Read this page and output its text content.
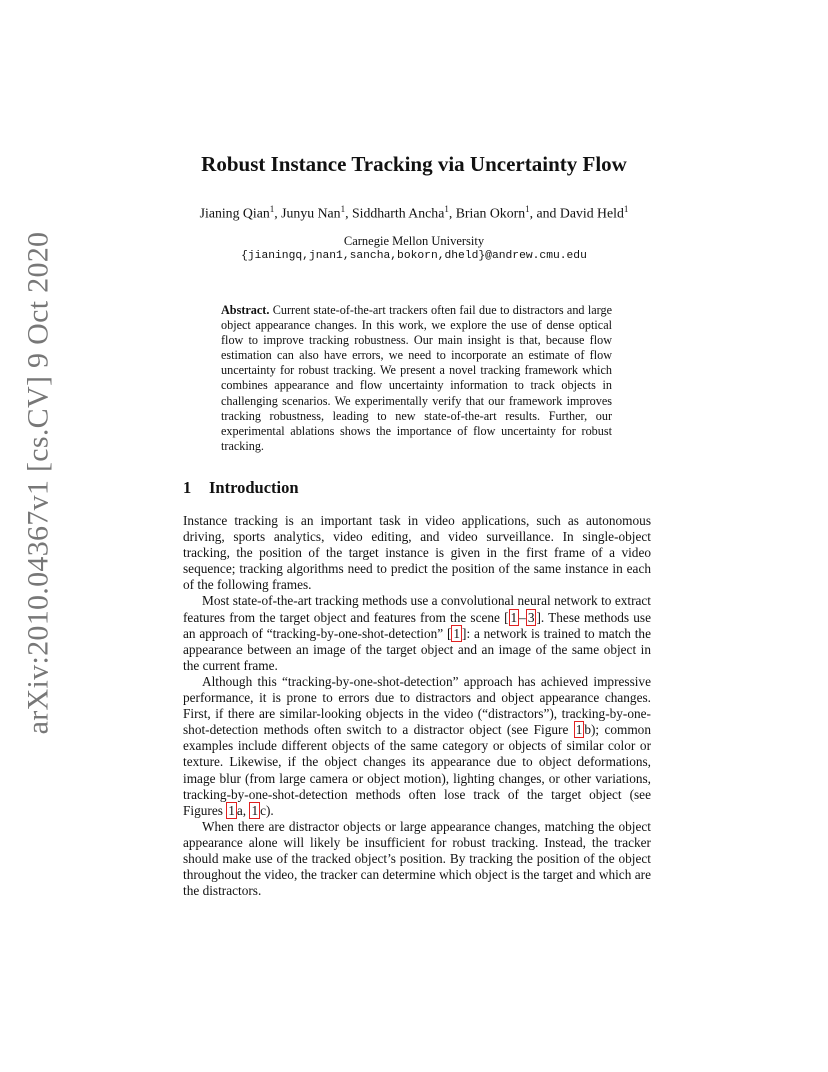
arXiv:2010.04367v1 [cs.CV] 9 Oct 2020
Robust Instance Tracking via Uncertainty Flow
Jianing Qian$^1$, Junyu Nan$^1$, Siddharth Ancha$^1$, Brian Okorn$^1$, and David Held$^1$
Carnegie Mellon University
{jianingq,jnan1,sancha,bokorn,dheld}@andrew.cmu.edu
Abstract. Current state-of-the-art trackers often fail due to distractors and large object appearance changes. In this work, we explore the use of dense optical flow to improve tracking robustness. Our main insight is that, because flow estimation can also have errors, we need to incorporate an estimate of flow uncertainty for robust tracking. We present a novel tracking framework which combines appearance and flow uncertainty information to track objects in challenging scenarios. We experimentally verify that our framework improves tracking robustness, leading to new state-of-the-art results. Further, our experimental ablations shows the importance of flow uncertainty for robust tracking.
1 Introduction

Instance tracking is an important task in video applications, such as autonomous driving, sports analytics, video editing, and video surveillance. In single-object tracking, the position of the target instance is given in the first frame of a video sequence; tracking algorithms need to predict the position of the same instance in each of the following frames.

Most state-of-the-art tracking methods use a convolutional neural network to extract features from the target object and features from the scene [ 1 – 3 ]. These methods use an approach of “tracking-by-one-shot-detection” [ 1 ]: a network is trained to match the appearance between an image of the target object and an image of the same object in the current frame.

Although this “tracking-by-one-shot-detection” approach has achieved impressive performance, it is prone to errors due to distractors and object appearance changes. First, if there are similar-looking objects in the video (“distractors”), tracking-by-one-shot-detection methods often switch to a distractor object (see Figure 1 b); common examples include different objects of the same category or objects of similar color or texture. Likewise, if the object changes its appearance due to object deformations, image blur (from large camera or object motion), lighting changes, or other variations, tracking-by-one-shot-detection methods often lose track of the target object (see Figures 1 a, 1 c).

When there are distractor objects or large appearance changes, matching the object appearance alone will likely be insufficient for robust tracking. Instead, the tracker should make use of the tracked object’s position. By tracking the position of the object throughout the video, the tracker can determine which object is the target and which are the distractors.
